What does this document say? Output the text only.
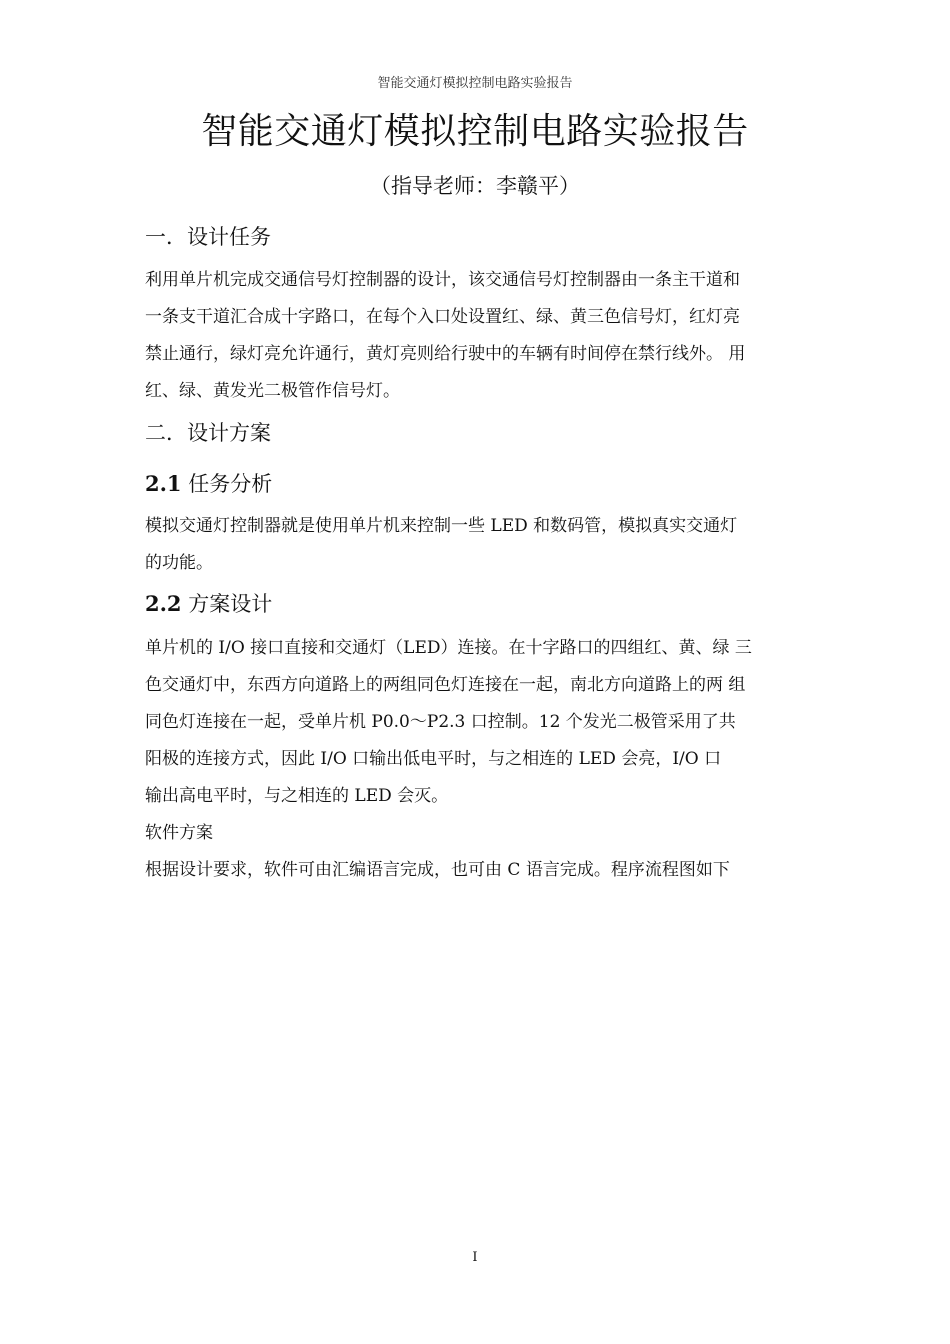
智能交通灯模拟控制电路实验报告
智能交通灯模拟控制电路实验报告
（指导老师：李赣平）
一．设计任务
利用单片机完成交通信号灯控制器的设计，该交通信号灯控制器由一条主干道和
一条支干道汇合成十字路口，在每个入口处设置红、绿、黄三色信号灯，红灯亮
禁止通行，绿灯亮允许通行，黄灯亮则给行驶中的车辆有时间停在禁行线外。 用
红、绿、黄发光二极管作信号灯。
二．设计方案
2.1 任务分析
模拟交通灯控制器就是使用单片机来控制一些 LED 和数码管，模拟真实交通灯
的功能。
2.2 方案设计
单片机的 I/O 接口直接和交通灯（LED）连接。在十字路口的四组红、黄、绿 三
色交通灯中，东西方向道路上的两组同色灯连接在一起，南北方向道路上的两 组
同色灯连接在一起，受单片机 P0.0～P2.3 口控制。12 个发光二极管采用了共
阳极的连接方式，因此 I/O 口输出低电平时，与之相连的 LED 会亮，I/O 口
输出高电平时，与之相连的 LED 会灭。
软件方案
根据设计要求，软件可由汇编语言完成，也可由 C 语言完成。程序流程图如下
I
